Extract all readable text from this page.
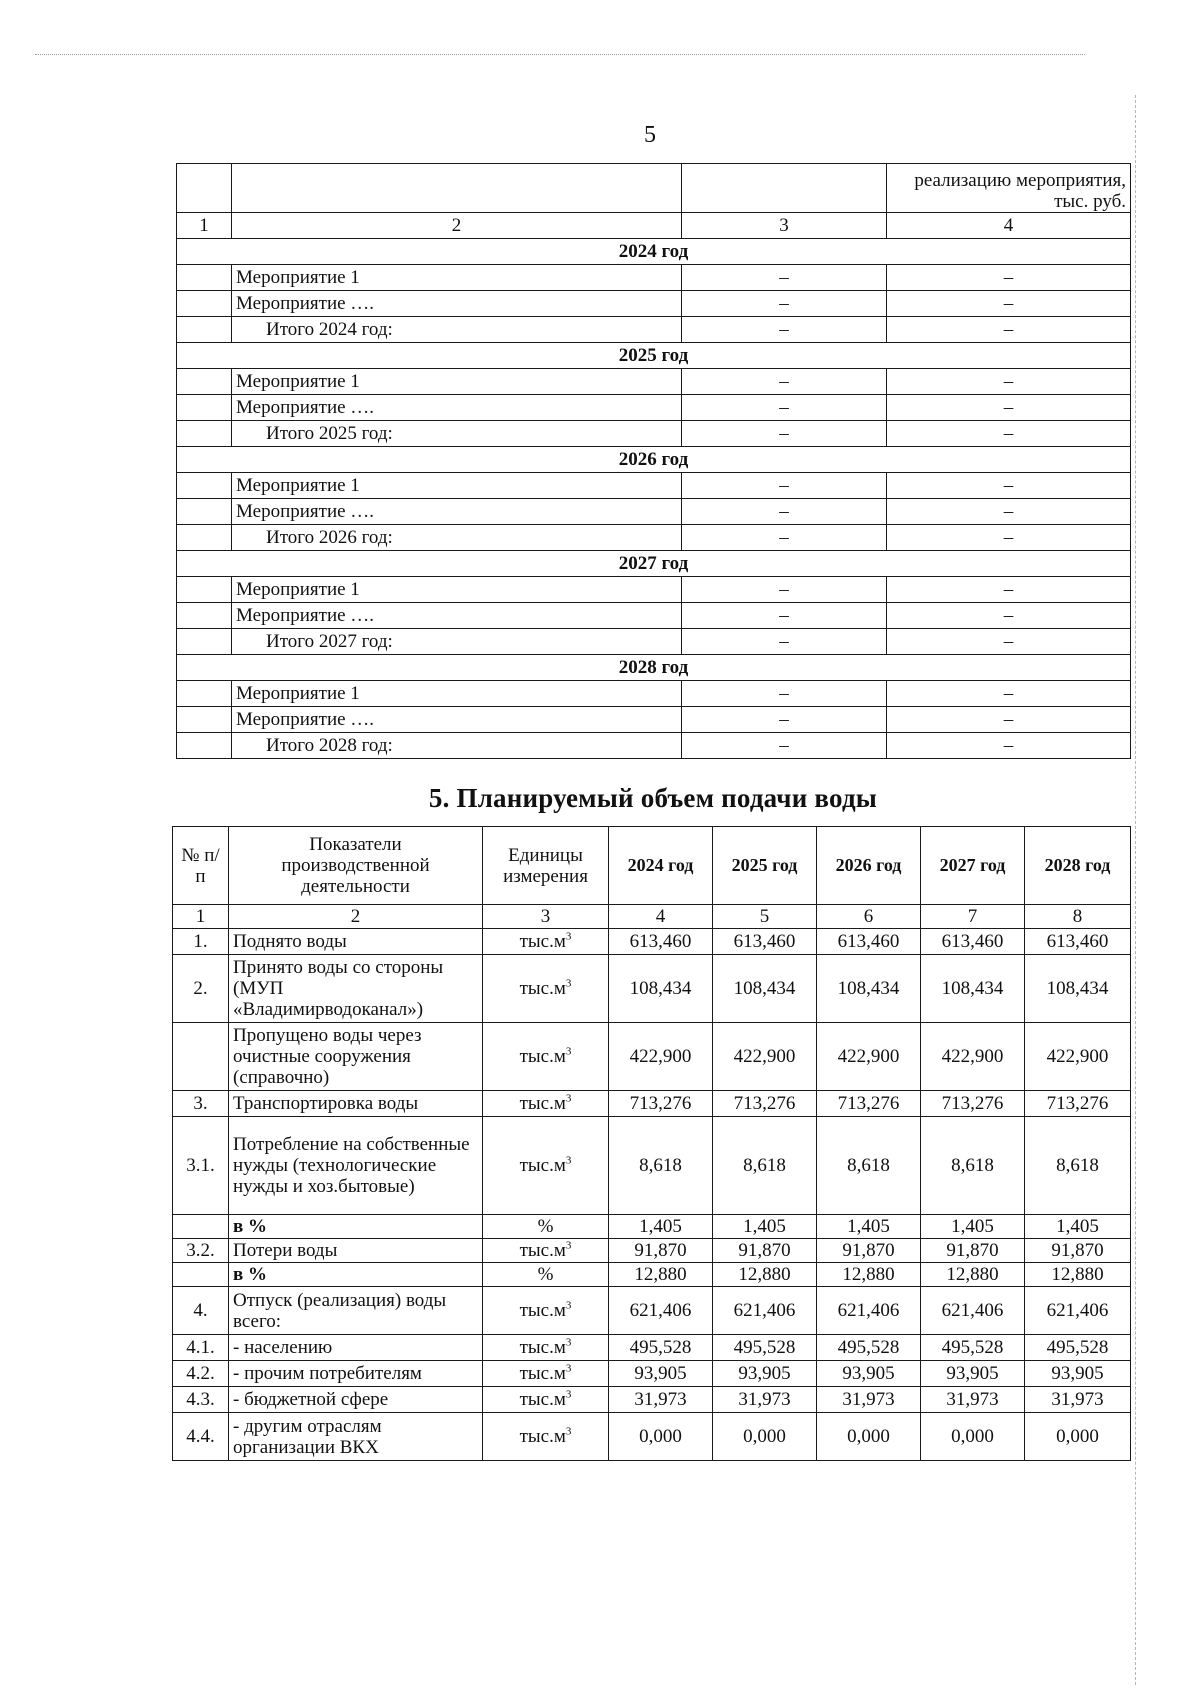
5
			реализацию мероприятия, тыс. руб.
1	2	3	4
2024 год			
	Мероприятие 1	–	–
	Мероприятие ….	–	–
	Итого 2024 год:	–	–
2025 год			
	Мероприятие 1	–	–
	Мероприятие ….	–	–
	Итого 2025 год:	–	–
2026 год			
	Мероприятие 1	–	–
	Мероприятие ….	–	–
	Итого 2026 год:	–	–
2027 год			
	Мероприятие 1	–	–
	Мероприятие ….	–	–
	Итого 2027 год:	–	–
2028 год			
	Мероприятие 1	–	–
	Мероприятие ….	–	–
	Итого 2028 год:	–	–
5. Планируемый объем подачи воды
№ п/п	Показатели производственной деятельности	Единицы измерения	2024 год	2025 год	2026 год	2027 год	2028 год
1	2	3	4	5	6	7	8
1.	Поднято воды	$тыс.м^3$	613,460	613,460	613,460	613,460	613,460
2.	Принято воды со стороны (МУП «Владимирводоканал»)	$тыс.м^3$	108,434	108,434	108,434	108,434	108,434
	Пропущено воды через очистные сооружения (справочно)	$тыс.м^3$	422,900	422,900	422,900	422,900	422,900
3.	Транспортировка воды	$тыс.м^3$	713,276	713,276	713,276	713,276	713,276
3.1.	Потребление на собственные нужды (технологические нужды и хоз.бытовые)	$тыс.м^3$	8,618	8,618	8,618	8,618	8,618
	в %	%	1,405	1,405	1,405	1,405	1,405
3.2.	Потери воды	$тыс.м^3$	91,870	91,870	91,870	91,870	91,870
	в %	%	12,880	12,880	12,880	12,880	12,880
4.	Отпуск (реализация) воды всего:	$тыс.м^3$	621,406	621,406	621,406	621,406	621,406
4.1.	- населению	$тыс.м^3$	495,528	495,528	495,528	495,528	495,528
4.2.	- прочим потребителям	$тыс.м^3$	93,905	93,905	93,905	93,905	93,905
4.3.	- бюджетной сфере	$тыс.м^3$	31,973	31,973	31,973	31,973	31,973
4.4.	- другим отраслям организации ВКХ	$тыс.м^3$	0,000	0,000	0,000	0,000	0,000
